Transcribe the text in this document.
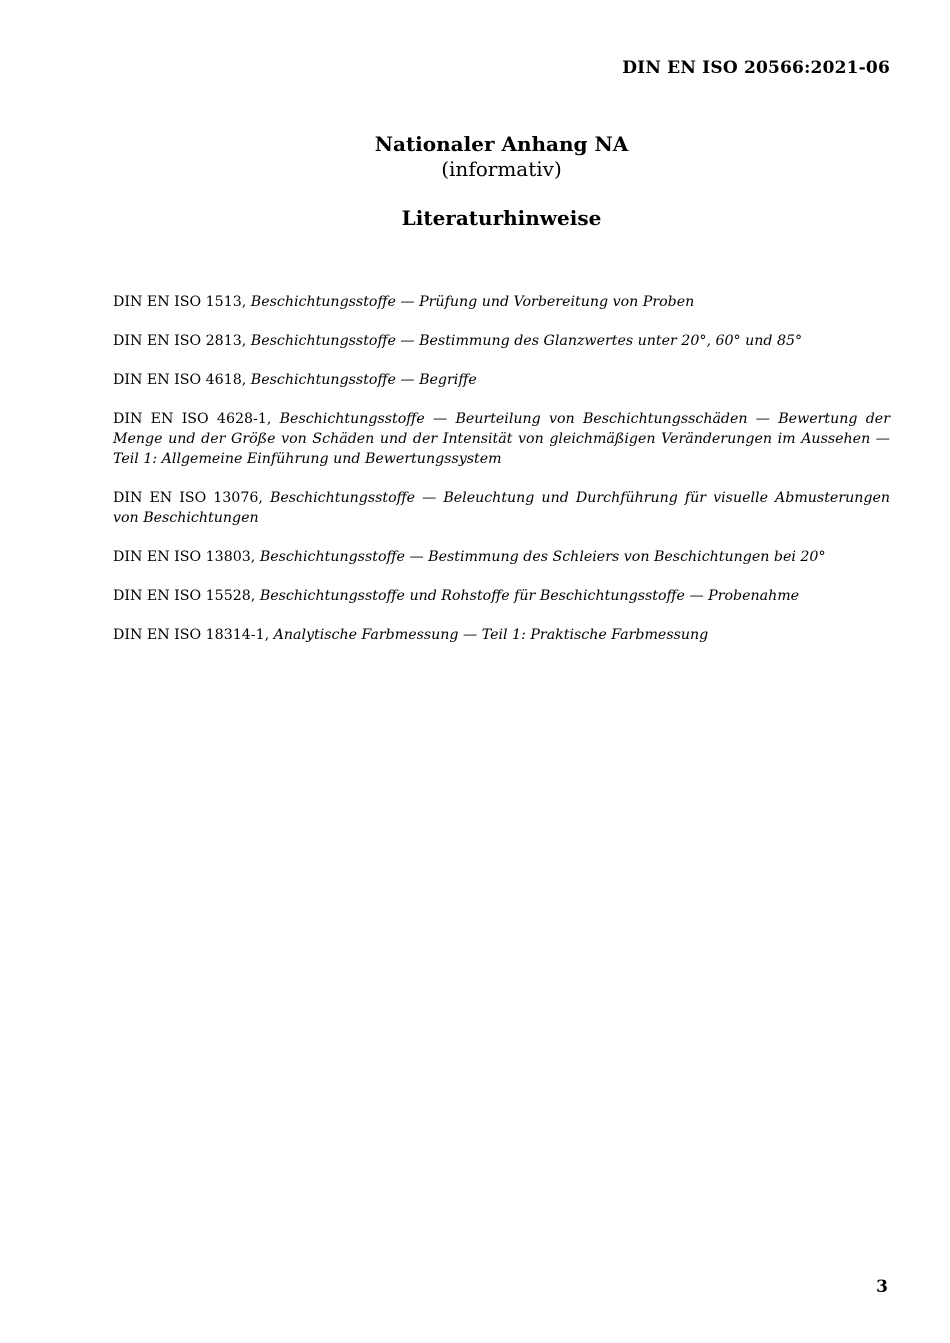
DIN EN ISO 20566:2021-06
Nationaler Anhang NA
(informativ)
Literaturhinweise

DIN EN ISO 1513, Beschichtungsstoffe — Prüfung und Vorbereitung von Proben

DIN EN ISO 2813, Beschichtungsstoffe — Bestimmung des Glanzwertes unter 20°, 60° und 85°

DIN EN ISO 4618, Beschichtungsstoffe — Begriffe

DIN EN ISO 4628-1, Beschichtungsstoffe — Beurteilung von Beschichtungsschäden — Bewertung der Menge und der Größe von Schäden und der Intensität von gleichmäßigen Veränderungen im Aussehen — Teil 1: Allgemeine Einführung und Bewertungssystem

DIN EN ISO 13076, Beschichtungsstoffe — Beleuchtung und Durchführung für visuelle Abmusterungen von Beschichtungen

DIN EN ISO 13803, Beschichtungsstoffe — Bestimmung des Schleiers von Beschichtungen bei 20°

DIN EN ISO 15528, Beschichtungsstoffe und Rohstoffe für Beschichtungsstoffe — Probenahme

DIN EN ISO 18314-1, Analytische Farbmessung — Teil 1: Praktische Farbmessung

3
